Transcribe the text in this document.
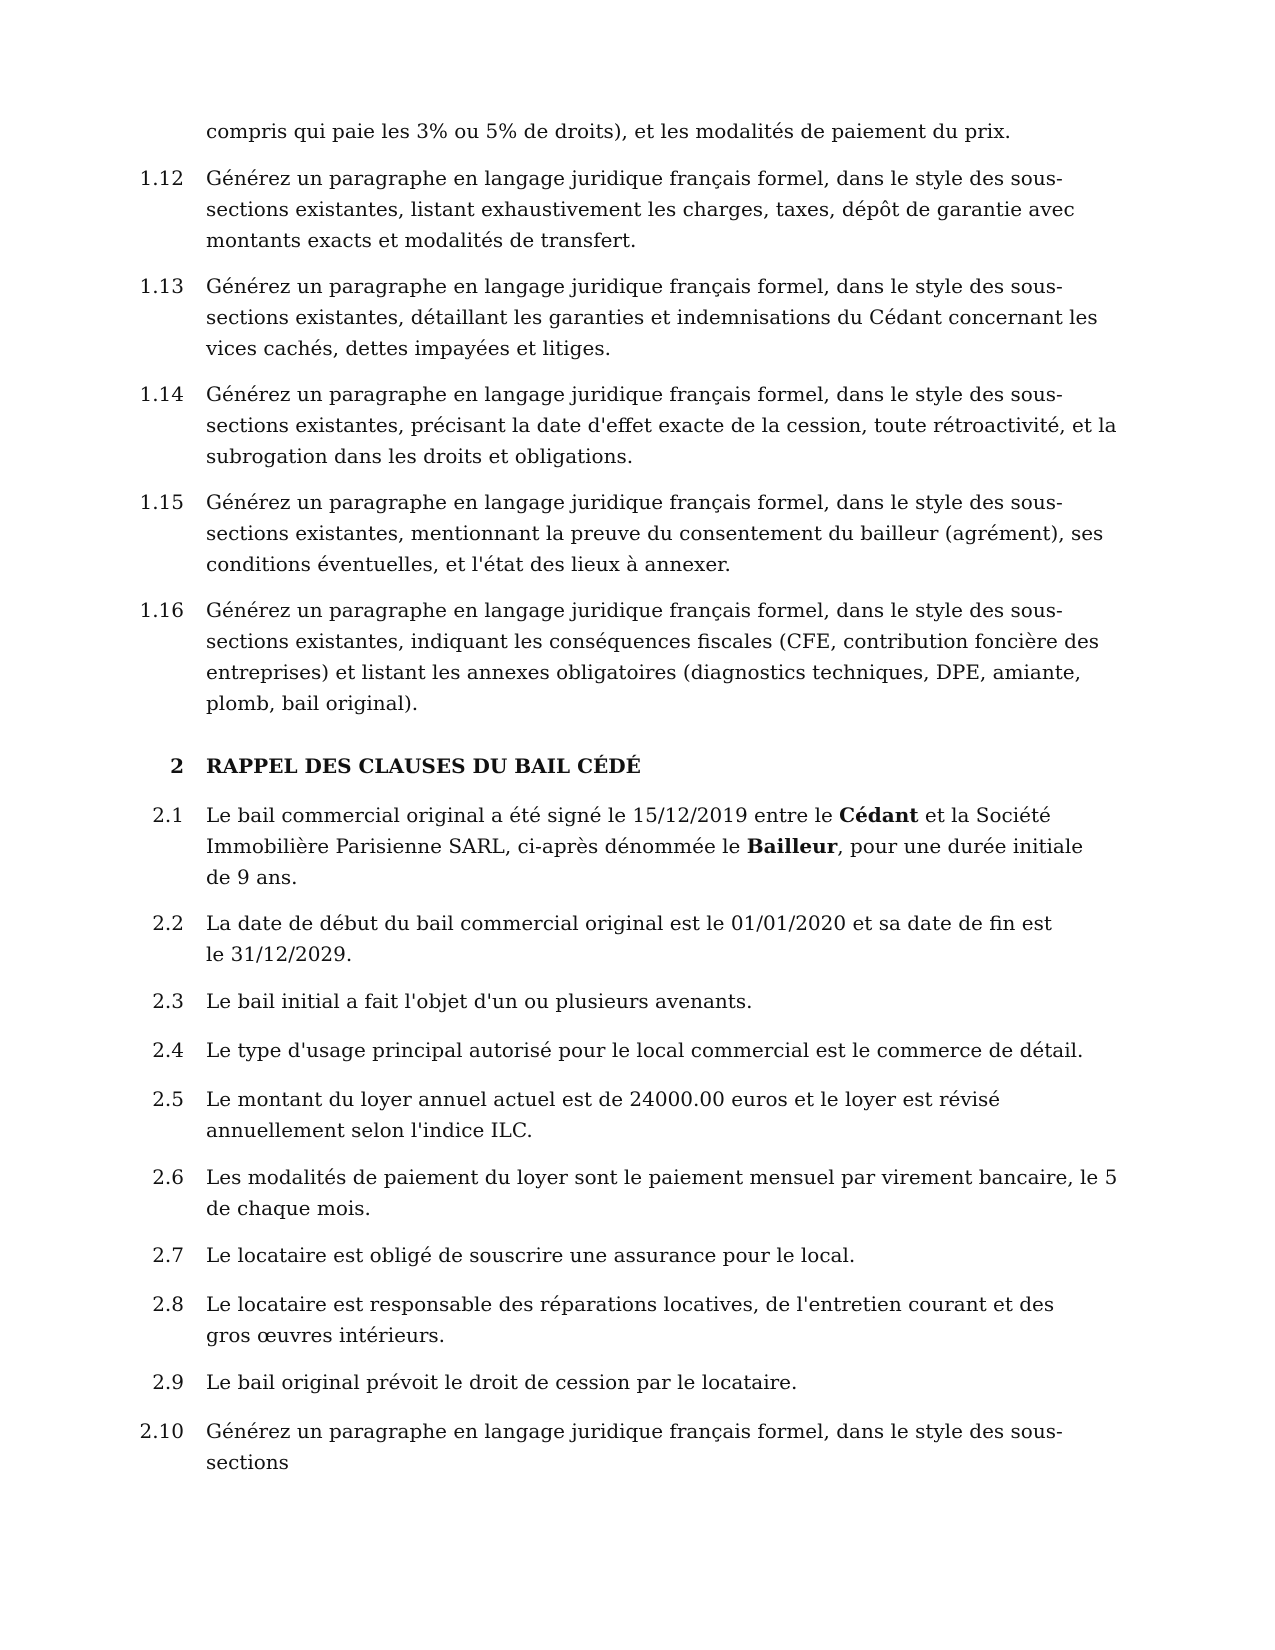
compris qui paie les 3% ou 5% de droits), et les modalités de paiement du prix.
1.12 Générez un paragraphe en langage juridique français formel, dans le style des sous-sections existantes, listant exhaustivement les charges, taxes, dépôt de garantie avec montants exacts et modalités de transfert.
1.13 Générez un paragraphe en langage juridique français formel, dans le style des sous-sections existantes, détaillant les garanties et indemnisations du Cédant concernant les vices cachés, dettes impayées et litiges.
1.14 Générez un paragraphe en langage juridique français formel, dans le style des sous-sections existantes, précisant la date d'effet exacte de la cession, toute rétroactivité, et la subrogation dans les droits et obligations.
1.15 Générez un paragraphe en langage juridique français formel, dans le style des sous-sections existantes, mentionnant la preuve du consentement du bailleur (agrément), ses conditions éventuelles, et l'état des lieux à annexer.
1.16 Générez un paragraphe en langage juridique français formel, dans le style des sous-sections existantes, indiquant les conséquences fiscales (CFE, contribution foncière des entreprises) et listant les annexes obligatoires (diagnostics techniques, DPE, amiante, plomb, bail original).
2 RAPPEL DES CLAUSES DU BAIL CÉDÉ
2.1 Le bail commercial original a été signé le 15/12/2019 entre le Cédant et la Société Immobilière Parisienne SARL, ci-après dénommée le Bailleur, pour une durée initiale de 9 ans.
2.2 La date de début du bail commercial original est le 01/01/2020 et sa date de fin est le 31/12/2029.
2.3 Le bail initial a fait l'objet d'un ou plusieurs avenants.
2.4 Le type d'usage principal autorisé pour le local commercial est le commerce de détail.
2.5 Le montant du loyer annuel actuel est de 24000.00 euros et le loyer est révisé annuellement selon l'indice ILC.
2.6 Les modalités de paiement du loyer sont le paiement mensuel par virement bancaire, le 5 de chaque mois.
2.7 Le locataire est obligé de souscrire une assurance pour le local.
2.8 Le locataire est responsable des réparations locatives, de l'entretien courant et des gros œuvres intérieurs.
2.9 Le bail original prévoit le droit de cession par le locataire.
2.10 Générez un paragraphe en langage juridique français formel, dans le style des sous-sections
